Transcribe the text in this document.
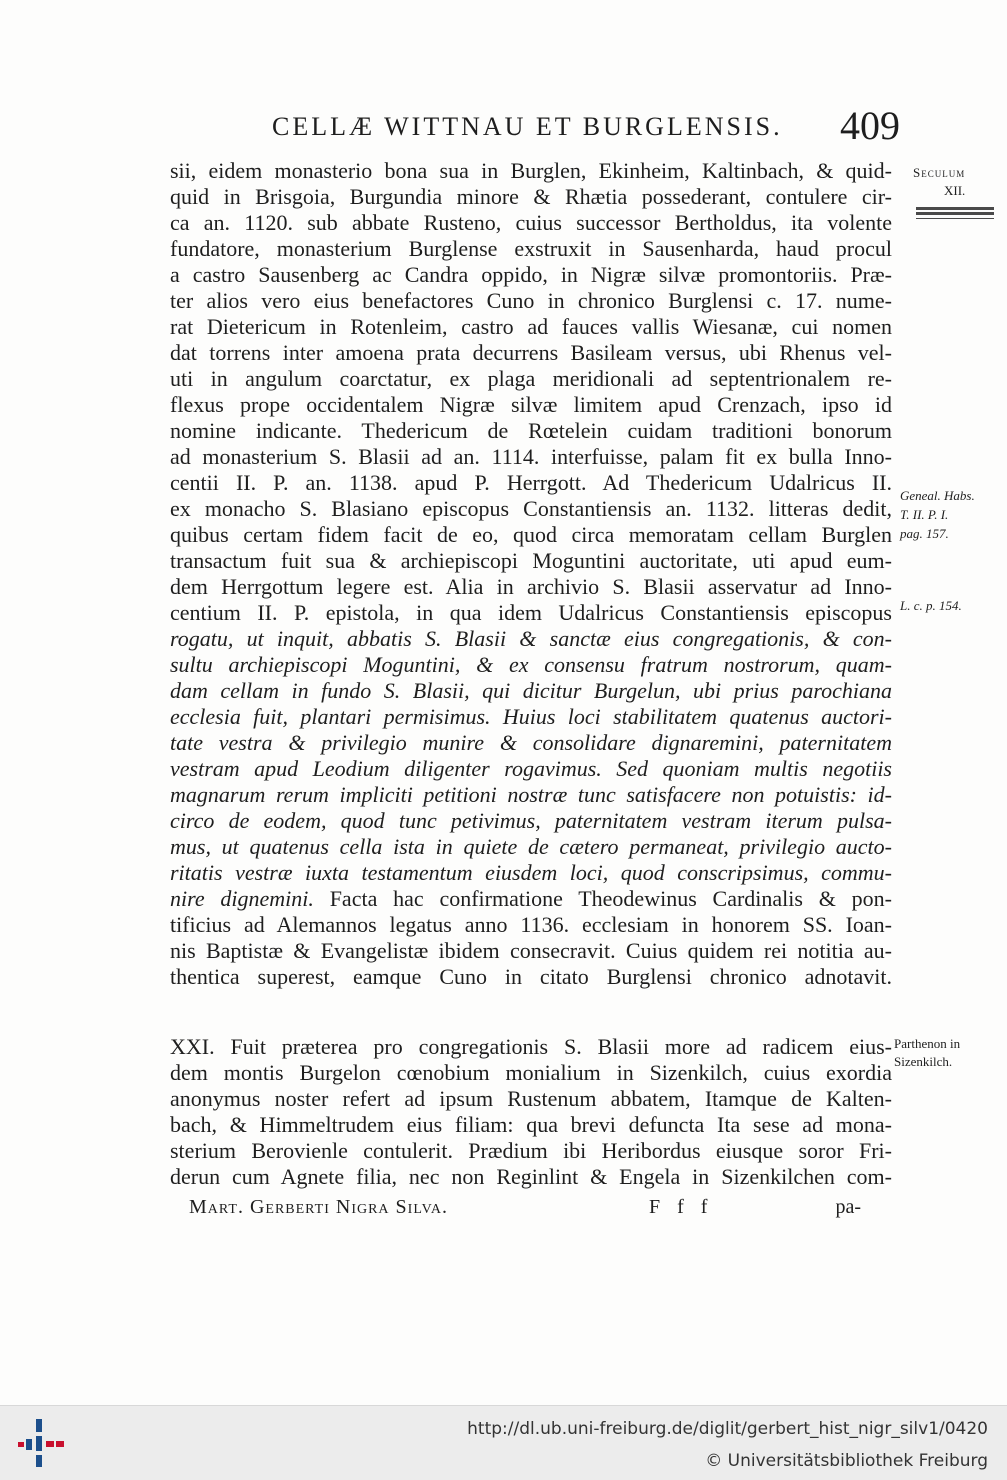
CELLÆ WITTNAU ET BURGLENSIS. 409
sii, eidem monasterio bona sua in Burglen, Ekinheim, Kaltinbach, & quid-
quid in Brisgoia, Burgundia minore & Rhætia possederant, contulere cir-
ca an. 1120. sub abbate Rusteno, cuius successor Bertholdus, ita volente
fundatore, monasterium Burglense exstruxit in Sausenharda, haud procul
a castro Sausenberg ac Candra oppido, in Nigræ silvæ promontoriis. Præ-
ter alios vero eius benefactores Cuno in chronico Burglensi c. 17. nume-
rat Dietericum in Rotenleim, castro ad fauces vallis Wiesanæ, cui nomen
dat torrens inter amoena prata decurrens Basileam versus, ubi Rhenus vel-
uti in angulum coarctatur, ex plaga meridionali ad septentrionalem re-
flexus prope occidentalem Nigræ silvæ limitem apud Crenzach, ipso id
nomine indicante. Thedericum de Rœtelein cuidam traditioni bonorum
ad monasterium S. Blasii ad an. 1114. interfuisse, palam fit ex bulla Inno-
centii II. P. an. 1138. apud P. Herrgott. Ad Thedericum Udalricus II.
ex monacho S. Blasiano episcopus Constantiensis an. 1132. litteras dedit,
quibus certam fidem facit de eo, quod circa memoratam cellam Burglen
transactum fuit sua & archiepiscopi Moguntini auctoritate, uti apud eum-
dem Herrgottum legere est. Alia in archivio S. Blasii asservatur ad Inno-
centium II. P. epistola, in qua idem Udalricus Constantiensis episcopus
rogatu, ut inquit, abbatis S. Blasii & sanctæ eius congregationis, & con-
sultu archiepiscopi Moguntini, & ex consensu fratrum nostrorum, quam-
dam cellam in fundo S. Blasii, qui dicitur Burgelun, ubi prius parochiana
ecclesia fuit, plantari permisimus. Huius loci stabilitatem quatenus auctori-
tate vestra & privilegio munire & consolidare dignaremini, paternitatem
vestram apud Leodium diligenter rogavimus. Sed quoniam multis negotiis
magnarum rerum impliciti petitioni nostræ tunc satisfacere non potuistis: id-
circo de eodem, quod tunc petivimus, paternitatem vestram iterum pulsa-
mus, ut quatenus cella ista in quiete de cætero permaneat, privilegio aucto-
ritatis vestræ iuxta testamentum eiusdem loci, quod conscripsimus, commu-
nire dignemini. Facta hac confirmatione Theodewinus Cardinalis & pon-
tificius ad Alemannos legatus anno 1136. ecclesiam in honorem SS. Ioan-
nis Baptistæ & Evangelistæ ibidem consecravit. Cuius quidem rei notitia au-
thentica superest, eamque Cuno in citato Burglensi chronico adnotavit.
XXI. Fuit præterea pro congregationis S. Blasii more ad radicem eius-
dem montis Burgelon cœnobium monialium in Sizenkilch, cuius exordia
anonymus noster refert ad ipsum Rustenum abbatem, Itamque de Kalten-
bach, & Himmeltrudem eius filiam: qua brevi defuncta Ita sese ad mona-
sterium Berovienle contulerit. Prædium ibi Heribordus eiusque soror Fri-
derun cum Agnete filia, nec non Reginlint & Engela in Sizenkilchen com-
Seculum
XII.
Geneal. Habs.
T. II. P. I.
pag. 157.
L. c. p. 154.
Parthenon in
Sizenkilch.
Mart. Gerberti Nigra Silva.	F f f	pa-
http://dl.ub.uni-freiburg.de/diglit/gerbert_hist_nigr_silv1/0420
© Universitätsbibliothek Freiburg
